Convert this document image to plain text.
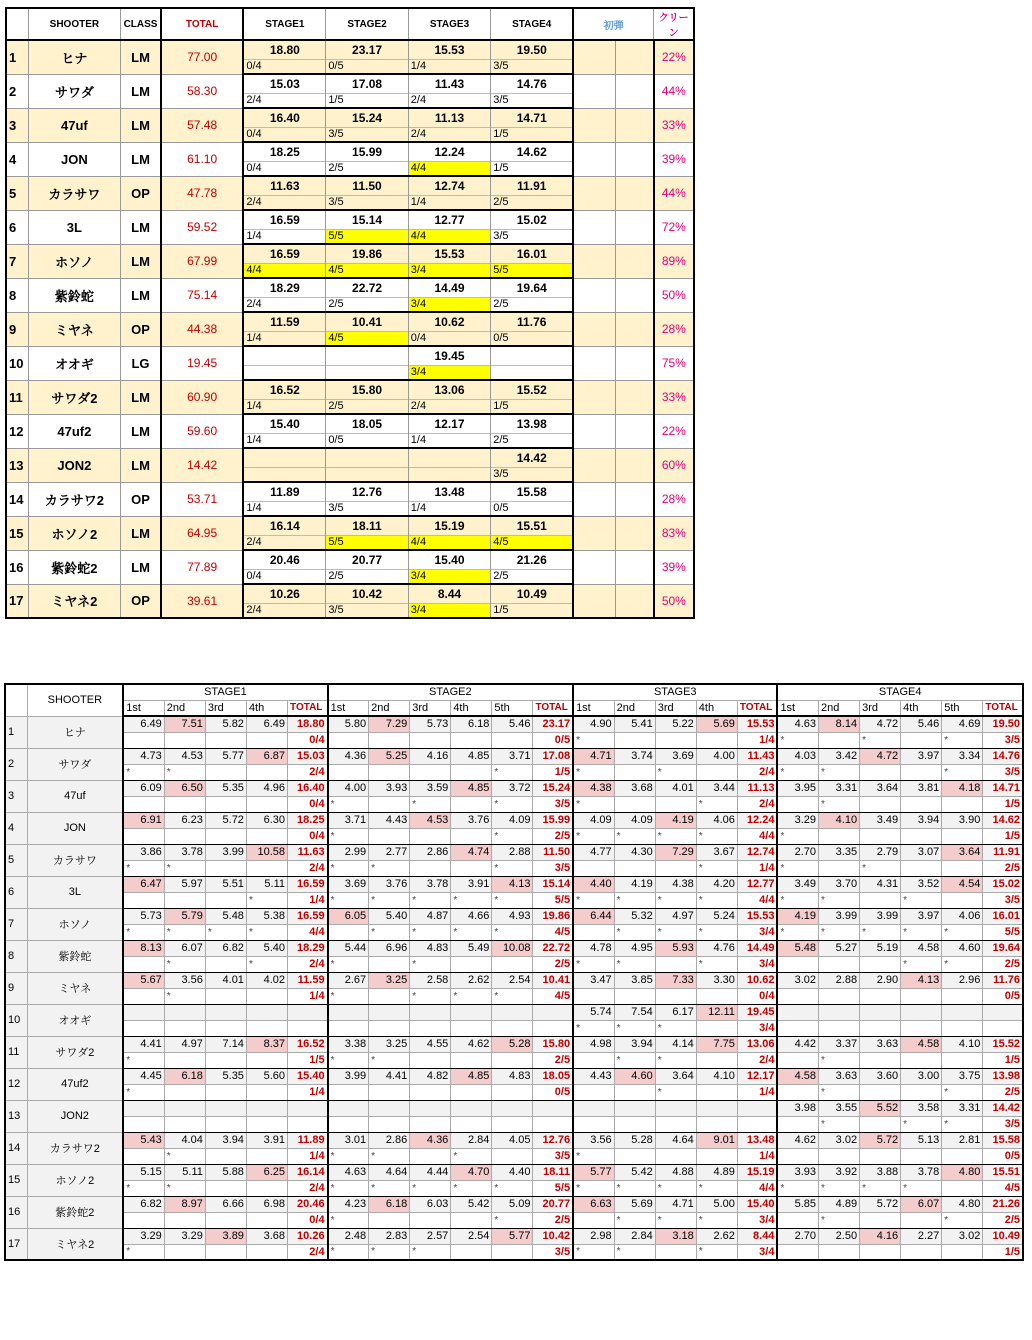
	SHOOTER	CLASS	TOTAL	STAGE1	STAGE2	STAGE3	STAGE4	初弾		クリーン
1	ヒナ	LM	77.00	18.80	23.17	15.53	19.50			22%
				0/4	0/5	1/4	3/5			
2	サワダ	LM	58.30	15.03	17.08	11.43	14.76			44%
				2/4	1/5	2/4	3/5			
3	47uf	LM	57.48	16.40	15.24	11.13	14.71			33%
				0/4	3/5	2/4	1/5			
4	JON	LM	61.10	18.25	15.99	12.24	14.62			39%
				0/4	2/5	4/4	1/5			
5	カラサワ	OP	47.78	11.63	11.50	12.74	11.91			44%
				2/4	3/5	1/4	2/5			
6	3L	LM	59.52	16.59	15.14	12.77	15.02			72%
				1/4	5/5	4/4	3/5			
7	ホソノ	LM	67.99	16.59	19.86	15.53	16.01			89%
				4/4	4/5	3/4	5/5			
8	紫鈴蛇	LM	75.14	18.29	22.72	14.49	19.64			50%
				2/4	2/5	3/4	2/5			
9	ミヤネ	OP	44.38	11.59	10.41	10.62	11.76			28%
				1/4	4/5	0/4	0/5			
10	オオギ	LG	19.45			19.45				75%
						3/4				
11	サワダ2	LM	60.90	16.52	15.80	13.06	15.52			33%
				1/4	2/5	2/4	1/5			
12	47uf2	LM	59.60	15.40	18.05	12.17	13.98			22%
				1/4	0/5	1/4	2/5			
13	JON2	LM	14.42				14.42			60%
							3/5			
14	カラサワ2	OP	53.71	11.89	12.76	13.48	15.58			28%
				1/4	3/5	1/4	0/5			
15	ホソノ2	LM	64.95	16.14	18.11	15.19	15.51			83%
				2/4	5/5	4/4	4/5			
16	紫鈴蛇2	LM	77.89	20.46	20.77	15.40	21.26			39%
				0/4	2/5	3/4	2/5			
17	ミヤネ2	OP	39.61	10.26	10.42	8.44	10.49			50%
				2/4	3/5	3/4	1/5			
	SHOOTER	STAGE1					STAGE2						STAGE3					STAGE4					
		1st	2nd	3rd	4th	TOTAL	1st	2nd	3rd	4th	5th	TOTAL	1st	2nd	3rd	4th	TOTAL	1st	2nd	3rd	4th	5th	TOTAL
1	ヒナ	6.49	7.51	5.82	6.49	18.80	5.80	7.29	5.73	6.18	5.46	23.17	4.90	5.41	5.22	5.69	15.53	4.63	8.14	4.72	5.46	4.69	19.50
						0/4						0/5	*				1/4	*		*		*	3/5
2	サワダ	4.73	4.53	5.77	6.87	15.03	4.36	5.25	4.16	4.85	3.71	17.08	4.71	3.74	3.69	4.00	11.43	4.03	3.42	4.72	3.97	3.34	14.76
		*	*			2/4					*	1/5	*		*		2/4	*	*			*	3/5
3	47uf	6.09	6.50	5.35	4.96	16.40	4.00	3.93	3.59	4.85	3.72	15.24	4.38	3.68	4.01	3.44	11.13	3.95	3.31	3.64	3.81	4.18	14.71
						0/4	*		*		*	3/5	*			*	2/4		*				1/5
4	JON	6.91	6.23	5.72	6.30	18.25	3.71	4.43	4.53	3.76	4.09	15.99	4.09	4.09	4.19	4.06	12.24	3.29	4.10	3.49	3.94	3.90	14.62
						0/4	*				*	2/5	*	*	*	*	4/4	*					1/5
5	カラサワ	3.86	3.78	3.99	10.58	11.63	2.99	2.77	2.86	4.74	2.88	11.50	4.77	4.30	7.29	3.67	12.74	2.70	3.35	2.79	3.07	3.64	11.91
		*	*			2/4	*	*			*	3/5				*	1/4	*		*			2/5
6	3L	6.47	5.97	5.51	5.11	16.59	3.69	3.76	3.78	3.91	4.13	15.14	4.40	4.19	4.38	4.20	12.77	3.49	3.70	4.31	3.52	4.54	15.02
					*	1/4	*	*	*	*	*	5/5	*	*	*	*	4/4	*	*		*		3/5
7	ホソノ	5.73	5.79	5.48	5.38	16.59	6.05	5.40	4.87	4.66	4.93	19.86	6.44	5.32	4.97	5.24	15.53	4.19	3.99	3.99	3.97	4.06	16.01
		*	*	*	*	4/4		*	*	*	*	4/5		*	*	*	3/4	*	*	*	*	*	5/5
8	紫鈴蛇	8.13	6.07	6.82	5.40	18.29	5.44	6.96	4.83	5.49	10.08	22.72	4.78	4.95	5.93	4.76	14.49	5.48	5.27	5.19	4.58	4.60	19.64
			*		*	2/4	*		*			2/5	*	*		*	3/4				*	*	2/5
9	ミヤネ	5.67	3.56	4.01	4.02	11.59	2.67	3.25	2.58	2.62	2.54	10.41	3.47	3.85	7.33	3.30	10.62	3.02	2.88	2.90	4.13	2.96	11.76
			*			1/4	*		*	*	*	4/5					0/4						0/5
10	オオギ												5.74	7.54	6.17	12.11	19.45						
													*	*	*		3/4						
11	サワダ2	4.41	4.97	7.14	8.37	16.52	3.38	3.25	4.55	4.62	5.28	15.80	4.98	3.94	4.14	7.75	13.06	4.42	3.37	3.63	4.58	4.10	15.52
		*				1/5	*	*				2/5		*	*		2/4		*				1/5
12	47uf2	4.45	6.18	5.35	5.60	15.40	3.99	4.41	4.82	4.85	4.83	18.05	4.43	4.60	3.64	4.10	12.17	4.58	3.63	3.60	3.00	3.75	13.98
		*				1/4						0/5			*		1/4		*			*	2/5
13	JON2																	3.98	3.55	5.52	3.58	3.31	14.42
																			*		*	*	3/5
14	カラサワ2	5.43	4.04	3.94	3.91	11.89	3.01	2.86	4.36	2.84	4.05	12.76	3.56	5.28	4.64	9.01	13.48	4.62	3.02	5.72	5.13	2.81	15.58
			*			1/4	*	*		*		3/5	*				1/4						0/5
15	ホソノ2	5.15	5.11	5.88	6.25	16.14	4.63	4.64	4.44	4.70	4.40	18.11	5.77	5.42	4.88	4.89	15.19	3.93	3.92	3.88	3.78	4.80	15.51
		*	*			2/4	*	*	*	*	*	5/5	*	*	*	*	4/4	*	*	*	*		4/5
16	紫鈴蛇2	6.82	8.97	6.66	6.98	20.46	4.23	6.18	6.03	5.42	5.09	20.77	6.63	5.69	4.71	5.00	15.40	5.85	4.89	5.72	6.07	4.80	21.26
						0/4	*				*	2/5		*	*	*	3/4		*			*	2/5
17	ミヤネ2	3.29	3.29	3.89	3.68	10.26	2.48	2.83	2.57	2.54	5.77	10.42	2.98	2.84	3.18	2.62	8.44	2.70	2.50	4.16	2.27	3.02	10.49
		*				2/4	*	*	*			3/5	*	*		*	3/4						1/5
